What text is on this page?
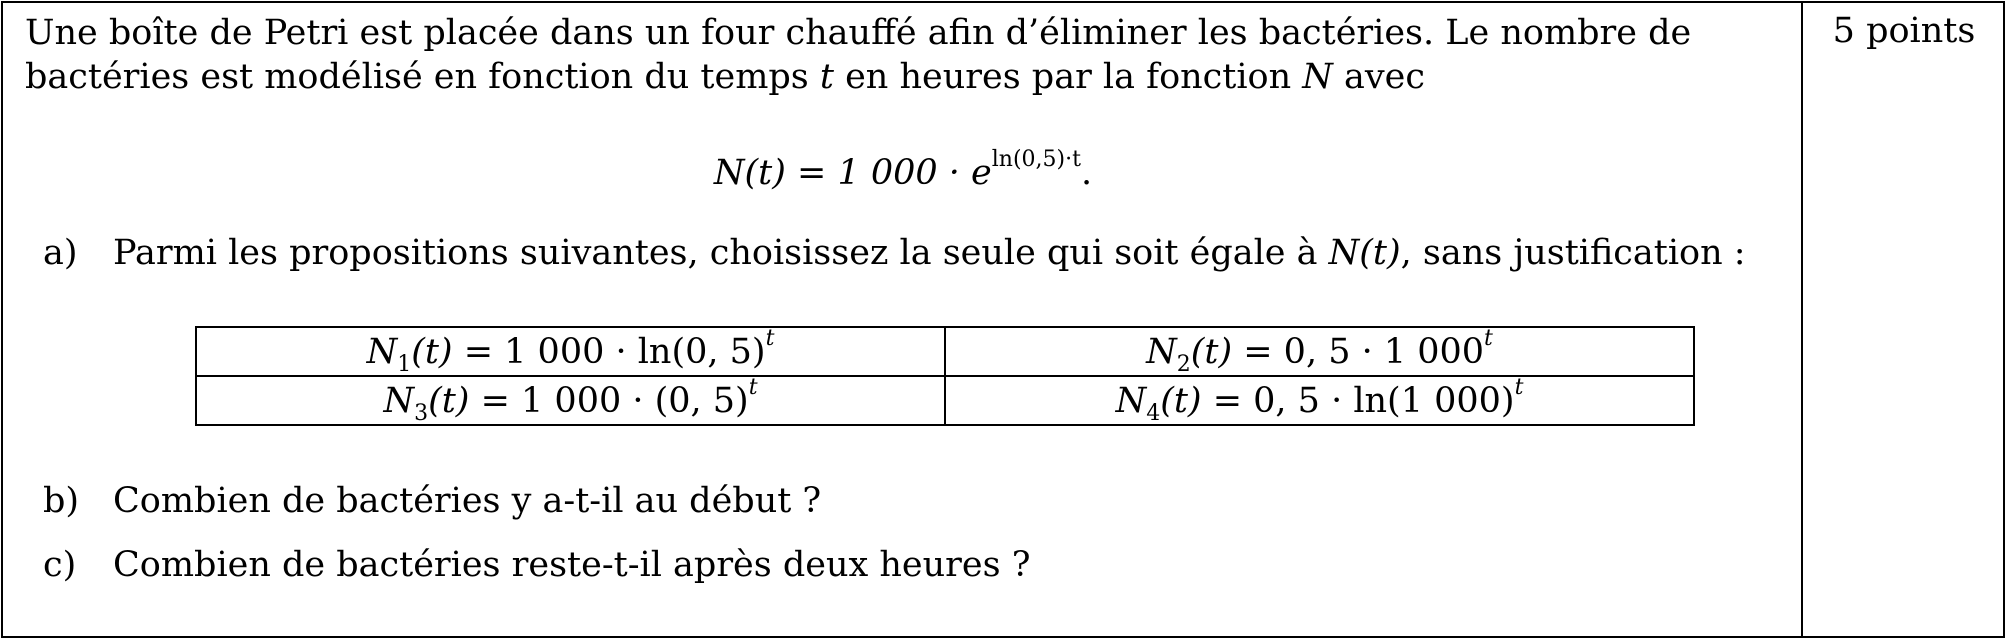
5 points
Une boîte de Petri est placée dans un four chauffé afin d’éliminer les bactéries. Le nombre de
bactéries est modélisé en fonction du temps t en heures par la fonction N avec
N(t) = 1 $000 \cdot e^{ln(0,5)\cdot t}$.
a) Parmi les propositions suivantes, choisissez la seule qui soit égale à N(t), sans justification :
$N_1(t) = 1$ 000 · ln(0, 5)$^t$	$N_2(t) = 0$, 5 · 1 000$^t$
$N_3(t) = 1$ 000 · (0, 5)$^t$	$N_4(t) = 0$, 5 · ln(1 000)$^t$
b) Combien de bactéries y a-t-il au début ?
c) Combien de bactéries reste-t-il après deux heures ?
